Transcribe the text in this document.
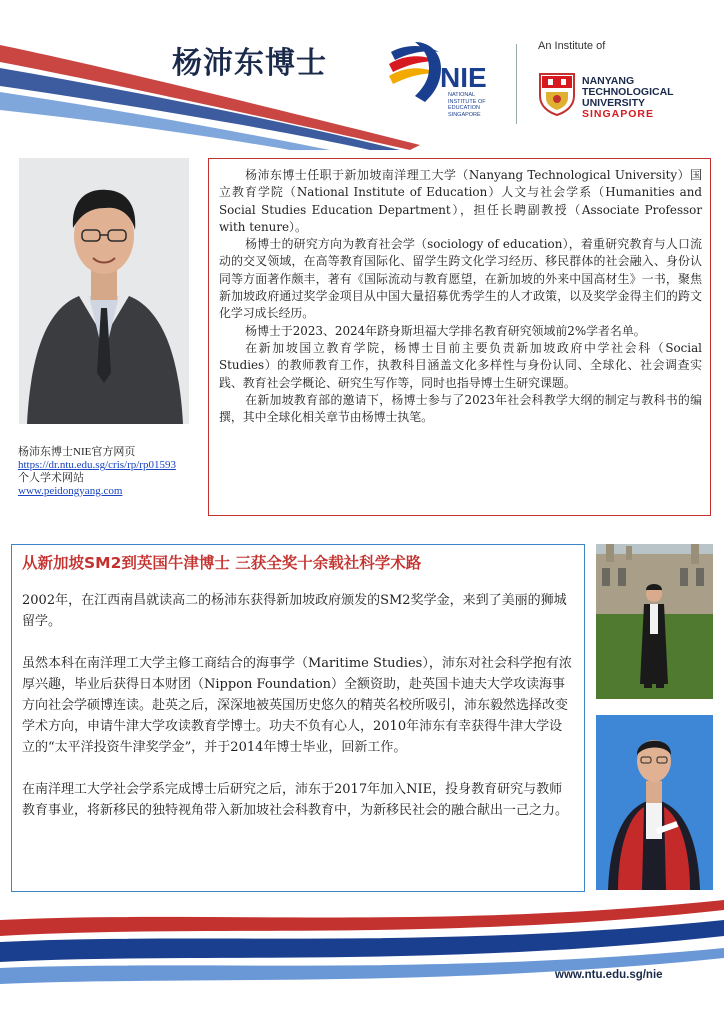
杨沛东博士	NIE
NATIONAL INSTITUTE OF EDUCATION SINGAPORE
An Institute of
NANYANG
TECHNOLOGICAL
UNIVERSITY
SINGAPORE
杨沛东博士NIE官方网页
https://dr.ntu.edu.sg/cris/rp/rp01593
个人学术网站
www.peidongyang.com

杨沛东博士任职于新加坡南洋理工大学（Nanyang Technological University）国立教育学院（National Institute of Education）人文与社会学系（Humanities and Social Studies Education Department），担任长聘副教授（Associate Professor with tenure）。

杨博士的研究方向为教育社会学（sociology of education），着重研究教育与人口流动的交叉领域，在高等教育国际化、留学生跨文化学习经历、移民群体的社会融入、身份认同等方面著作颇丰，著有《国际流动与教育愿望，在新加坡的外来中国高材生》一书，聚焦新加坡政府通过奖学金项目从中国大量招募优秀学生的人才政策，以及奖学金得主们的跨文化学习成长经历。

杨博士于2023、2024年跻身斯坦福大学排名教育研究领域前2%学者名单。

在新加坡国立教育学院，杨博士目前主要负责新加坡政府中学社会科（Social Studies）的教师教育工作，执教科目涵盖文化多样性与身份认同、全球化、社会调查实践、教育社会学概论、研究生写作等，同时也指导博士生研究课题。

在新加坡教育部的邀请下，杨博士参与了2023年社会科教学大纲的制定与教科书的编撰，其中全球化相关章节由杨博士执笔。

从新加坡SM2到英国牛津博士 三获全奖十余载社科学术路

2002年，在江西南昌就读高二的杨沛东获得新加坡政府颁发的SM2奖学金，来到了美丽的狮城留学。

虽然本科在南洋理工大学主修工商结合的海事学（Maritime Studies），沛东对社会科学抱有浓厚兴趣，毕业后获得日本财团（Nippon Foundation）全额资助，赴英国卡迪夫大学攻读海事方向社会学硕博连读。赴英之后，深深地被英国历史悠久的精英名校所吸引，沛东毅然选择改变学术方向，申请牛津大学攻读教育学博士。功夫不负有心人，2010年沛东有幸获得牛津大学设立的“太平洋投资牛津奖学金”，并于2014年博士毕业，回新工作。

在南洋理工大学社会学系完成博士后研究之后，沛东于2017年加入NIE，投身教育研究与教师教育事业，将新移民的独特视角带入新加坡社会科教育中，为新移民社会的融合献出一己之力。

www.ntu.edu.sg/nie
